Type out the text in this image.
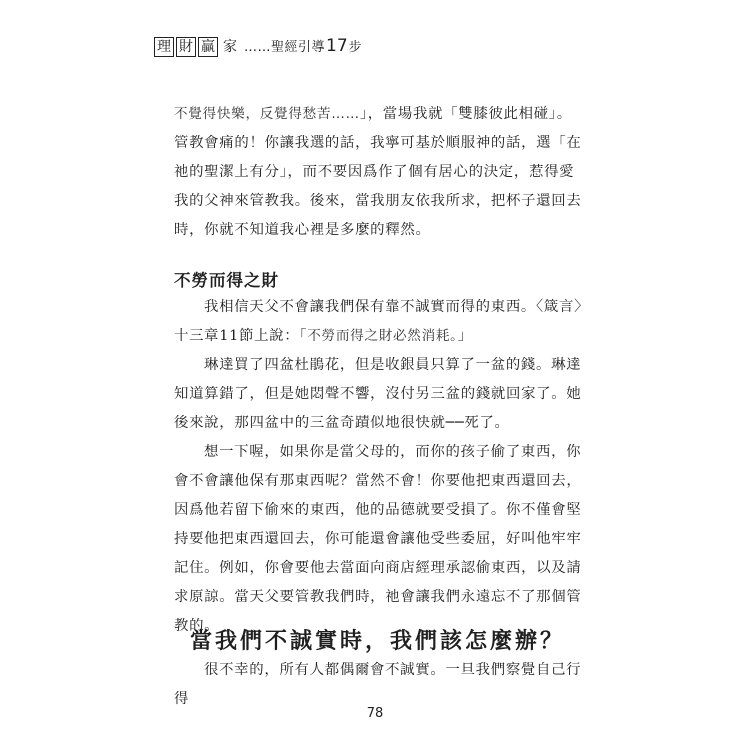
理 財 贏 家 …… 聖經引導 17 步

不覺得快樂，反覺得愁苦……」，當場我就「雙膝彼此相碰」。管教會痛的！你讓我選的話，我寧可基於順服神的話，選「在祂的聖潔上有分」，而不要因爲作了個有居心的決定，惹得愛我的父神來管教我。後來，當我朋友依我所求，把杯子還回去時，你就不知道我心裡是多麼的釋然。

不勞而得之財

我相信天父不會讓我們保有靠不誠實而得的東西。〈箴言〉十三章11節上說：「不勞而得之財必然消耗。」

琳達買了四盆杜鵑花，但是收銀員只算了一盆的錢。琳達知道算錯了，但是她悶聲不響，沒付另三盆的錢就回家了。她後來說，那四盆中的三盆奇蹟似地很快就──死了。

想一下喔，如果你是當父母的，而你的孩子偷了東西，你會不會讓他保有那東西呢？當然不會！你要他把東西還回去，因爲他若留下偷來的東西，他的品德就要受損了。你不僅會堅持要他把東西還回去，你可能還會讓他受些委屈，好叫他牢牢記住。例如，你會要他去當面向商店經理承認偷東西，以及請求原諒。當天父要管教我們時，祂會讓我們永遠忘不了那個管教的。

當我們不誠實時，我們該怎麼辦？

很不幸的，所有人都偶爾會不誠實。一旦我們察覺自己行得

78
